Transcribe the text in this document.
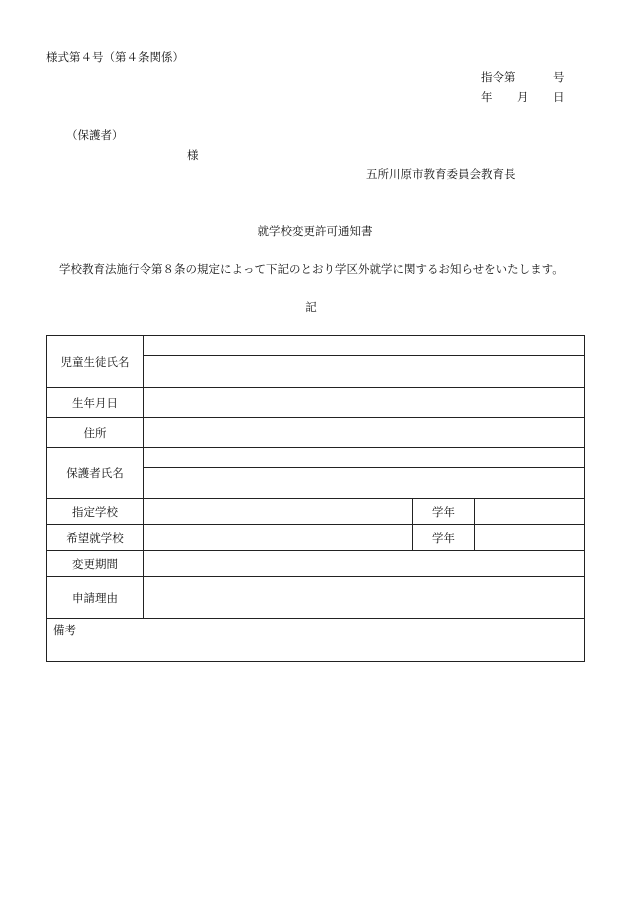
様式第４号（第４条関係）
指令第	号
年 月 日
（保護者）
様
五所川原市教育委員会教育長
就学校変更許可通知書
学校教育法施行令第８条の規定によって下記のとおり学区外就学に関するお知らせをいたします。
記
児童生徒氏名			

生年月日			
住所			
保護者氏名			

指定学校		学年	
希望就学校		学年	
変更期間			
申請理由			
備考			
